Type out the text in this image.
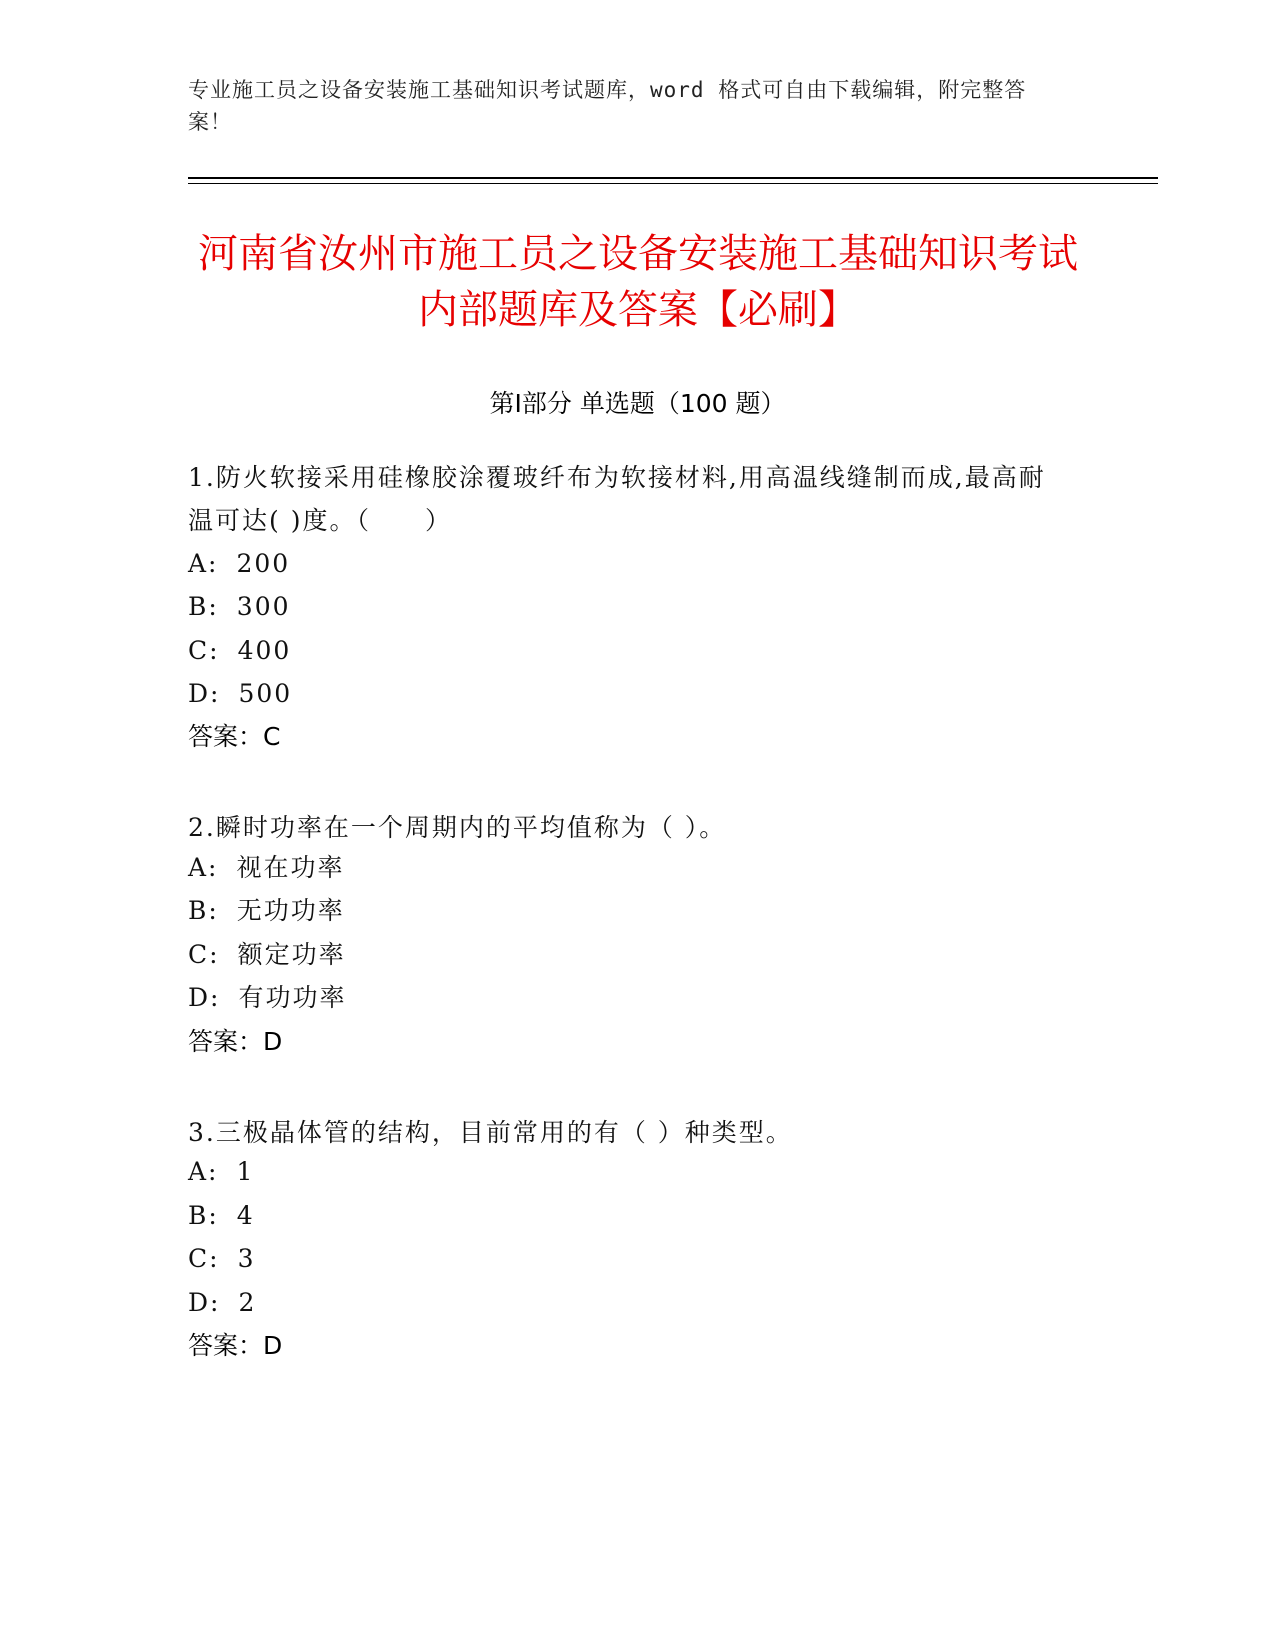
专业施工员之设备安装施工基础知识考试题库，word 格式可自由下载编辑，附完整答案！
河南省汝州市施工员之设备安装施工基础知识考试内部题库及答案【必刷】
第Ⅰ部分 单选题（100 题）
1.防火软接采用硅橡胶涂覆玻纤布为软接材料,用高温线缝制而成,最高耐温可达( )度。（　　）
A: 200
B: 300
C: 400
D: 500
答案：C
2.瞬时功率在一个周期内的平均值称为（ ）。
A: 视在功率
B: 无功功率
C: 额定功率
D: 有功功率
答案：D
3.三极晶体管的结构，目前常用的有（ ）种类型。
A: 1
B: 4
C: 3
D: 2
答案：D
